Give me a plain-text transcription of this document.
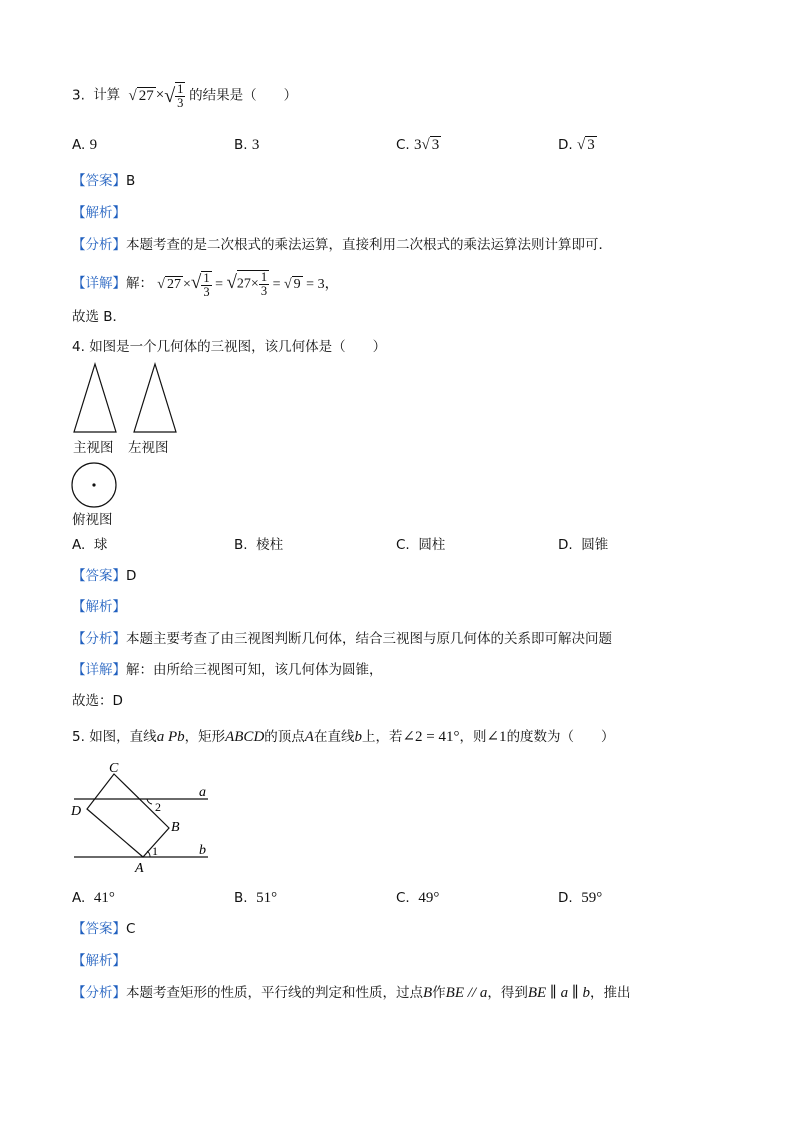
3. 计算 √ 27 ×√ $\frac{1}{3}$ 的结果是（　　）
A. 9	B. 3	C. 3√ 3	D. √ 3
【答案】B
【解析】
【分析】本题考查的是二次根式的乘法运算，直接利用二次根式的乘法运算法则计算即可．
【详解】解： √ 27 ×√ $\frac{1}{3} = √27\times \frac{1}{3}$ = √ 9 = 3，
故选 B．
4. 如图是一个几何体的三视图，该几何体是（　　）
主视图 左视图
俯视图
A. 球	B. 棱柱	C. 圆柱	D. 圆锥
【答案】D
【解析】
【分析】本题主要考查了由三视图判断几何体，结合三视图与原几何体的关系即可解决问题
【详解】解：由所给三视图可知，该几何体为圆锥，
故选：D
5. 如图，直线a Pb，矩形ABCD的顶点A在直线b上，若∠2 = 41°，则∠1的度数为（　　）
C
D
B
A
a
b
1
2
A. 41°	B. 51°	C. 49°	D. 59°
【答案】C
【解析】
【分析】本题考查矩形的性质，平行线的判定和性质，过点B作BE // a，得到BE ∥ a ∥ b，推出
